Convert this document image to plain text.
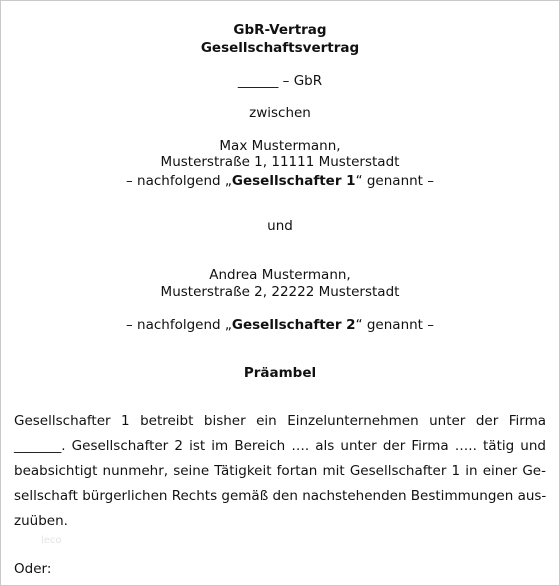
GbR-Vertrag
Gesellschaftsvertrag
______ – GbR
zwischen
Max Mustermann,
Musterstraße 1, 11111 Musterstadt
– nachfolgend „Gesellschafter 1“ genannt –
und
Andrea Mustermann,
Musterstraße 2, 22222 Musterstadt
– nachfolgend „Gesellschafter 2“ genannt –
Präambel
Gesellschafter 1 betreibt bisher ein Einzelunternehmen unter der Firma
_______. Gesellschafter 2 ist im Bereich …. als unter der Firma ….. tätig und
beabsichtigt nunmehr, seine Tätigkeit fortan mit Gesellschafter 1 in einer Ge-
sellschaft bürgerlichen Rechts gemäß den nachstehenden Bestimmungen aus-
zuüben.
leco
Oder:
